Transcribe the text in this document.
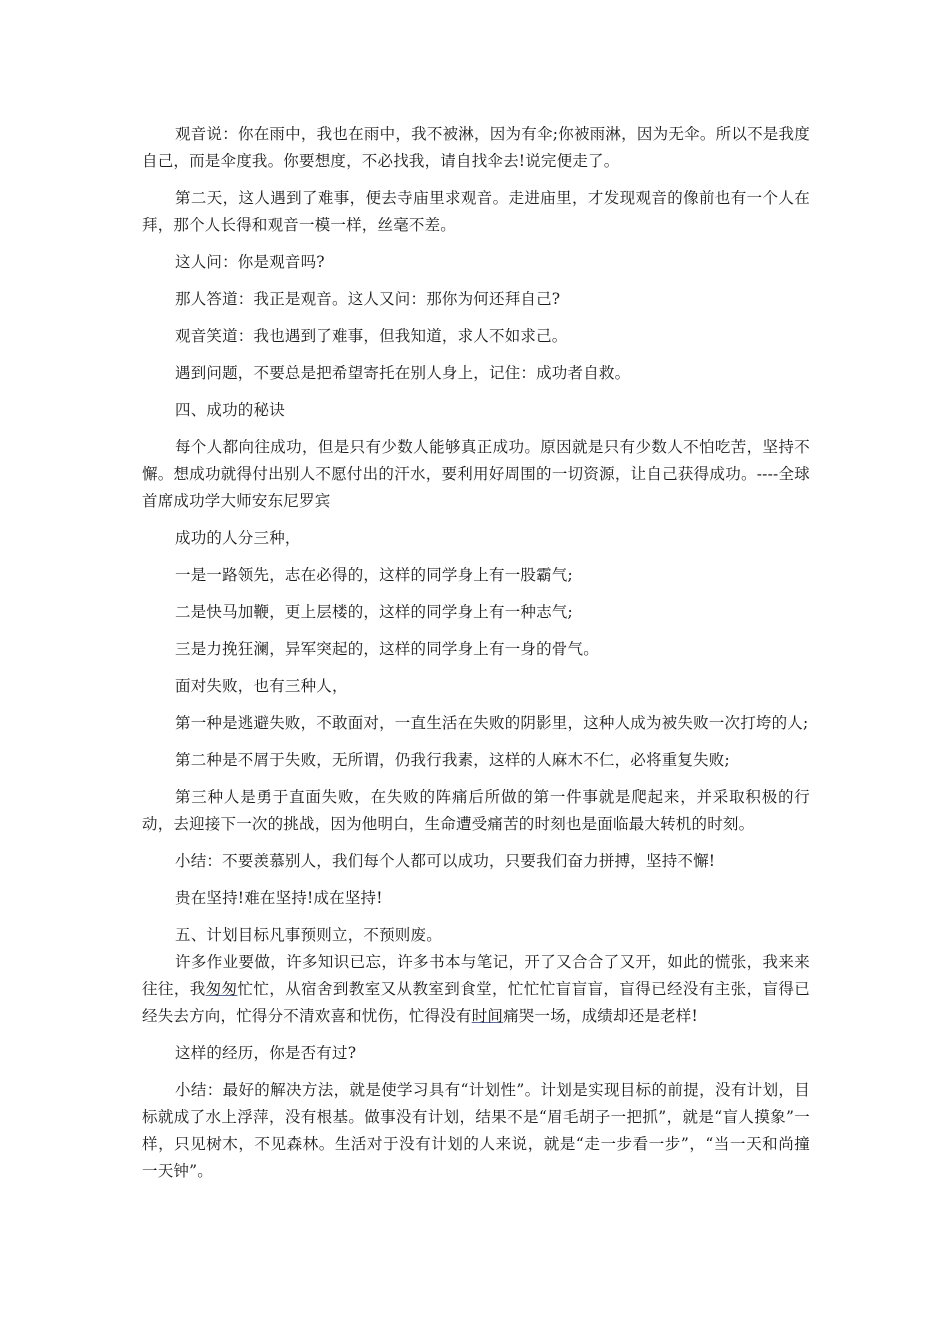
观音说：你在雨中，我也在雨中，我不被淋，因为有伞;你被雨淋，因为无伞。所以不是我度自己，而是伞度我。你要想度，不必找我，请自找伞去!说完便走了。

第二天，这人遇到了难事，便去寺庙里求观音。走进庙里，才发现观音的像前也有一个人在拜，那个人长得和观音一模一样，丝毫不差。

这人问：你是观音吗?

那人答道：我正是观音。这人又问：那你为何还拜自己?

观音笑道：我也遇到了难事，但我知道，求人不如求己。

遇到问题，不要总是把希望寄托在别人身上，记住：成功者自救。

四、成功的秘诀

每个人都向往成功，但是只有少数人能够真正成功。原因就是只有少数人不怕吃苦，坚持不懈。想成功就得付出别人不愿付出的汗水，要利用好周围的一切资源，让自己获得成功。----全球首席成功学大师安东尼罗宾

成功的人分三种，

一是一路领先，志在必得的，这样的同学身上有一股霸气;

二是快马加鞭，更上层楼的，这样的同学身上有一种志气;

三是力挽狂澜，异军突起的，这样的同学身上有一身的骨气。

面对失败，也有三种人，

第一种是逃避失败，不敢面对，一直生活在失败的阴影里，这种人成为被失败一次打垮的人;

第二种是不屑于失败，无所谓，仍我行我素，这样的人麻木不仁，必将重复失败;

第三种人是勇于直面失败，在失败的阵痛后所做的第一件事就是爬起来，并采取积极的行动，去迎接下一次的挑战，因为他明白，生命遭受痛苦的时刻也是面临最大转机的时刻。

小结：不要羡慕别人，我们每个人都可以成功，只要我们奋力拼搏，坚持不懈!

贵在坚持!难在坚持!成在坚持!

五、计划目标凡事预则立，不预则废。

许多作业要做，许多知识已忘，许多书本与笔记，开了又合合了又开，如此的慌张，我来来往往，我匆匆忙忙，从宿舍到教室又从教室到食堂，忙忙忙盲盲盲，盲得已经没有主张，盲得已经失去方向，忙得分不清欢喜和忧伤，忙得没有时间痛哭一场，成绩却还是老样!

这样的经历，你是否有过?

小结：最好的解决方法，就是使学习具有“计划性”。计划是实现目标的前提，没有计划，目标就成了水上浮萍，没有根基。做事没有计划，结果不是“眉毛胡子一把抓”，就是“盲人摸象”一样，只见树木，不见森林。生活对于没有计划的人来说，就是“走一步看一步”，“当一天和尚撞一天钟”。
